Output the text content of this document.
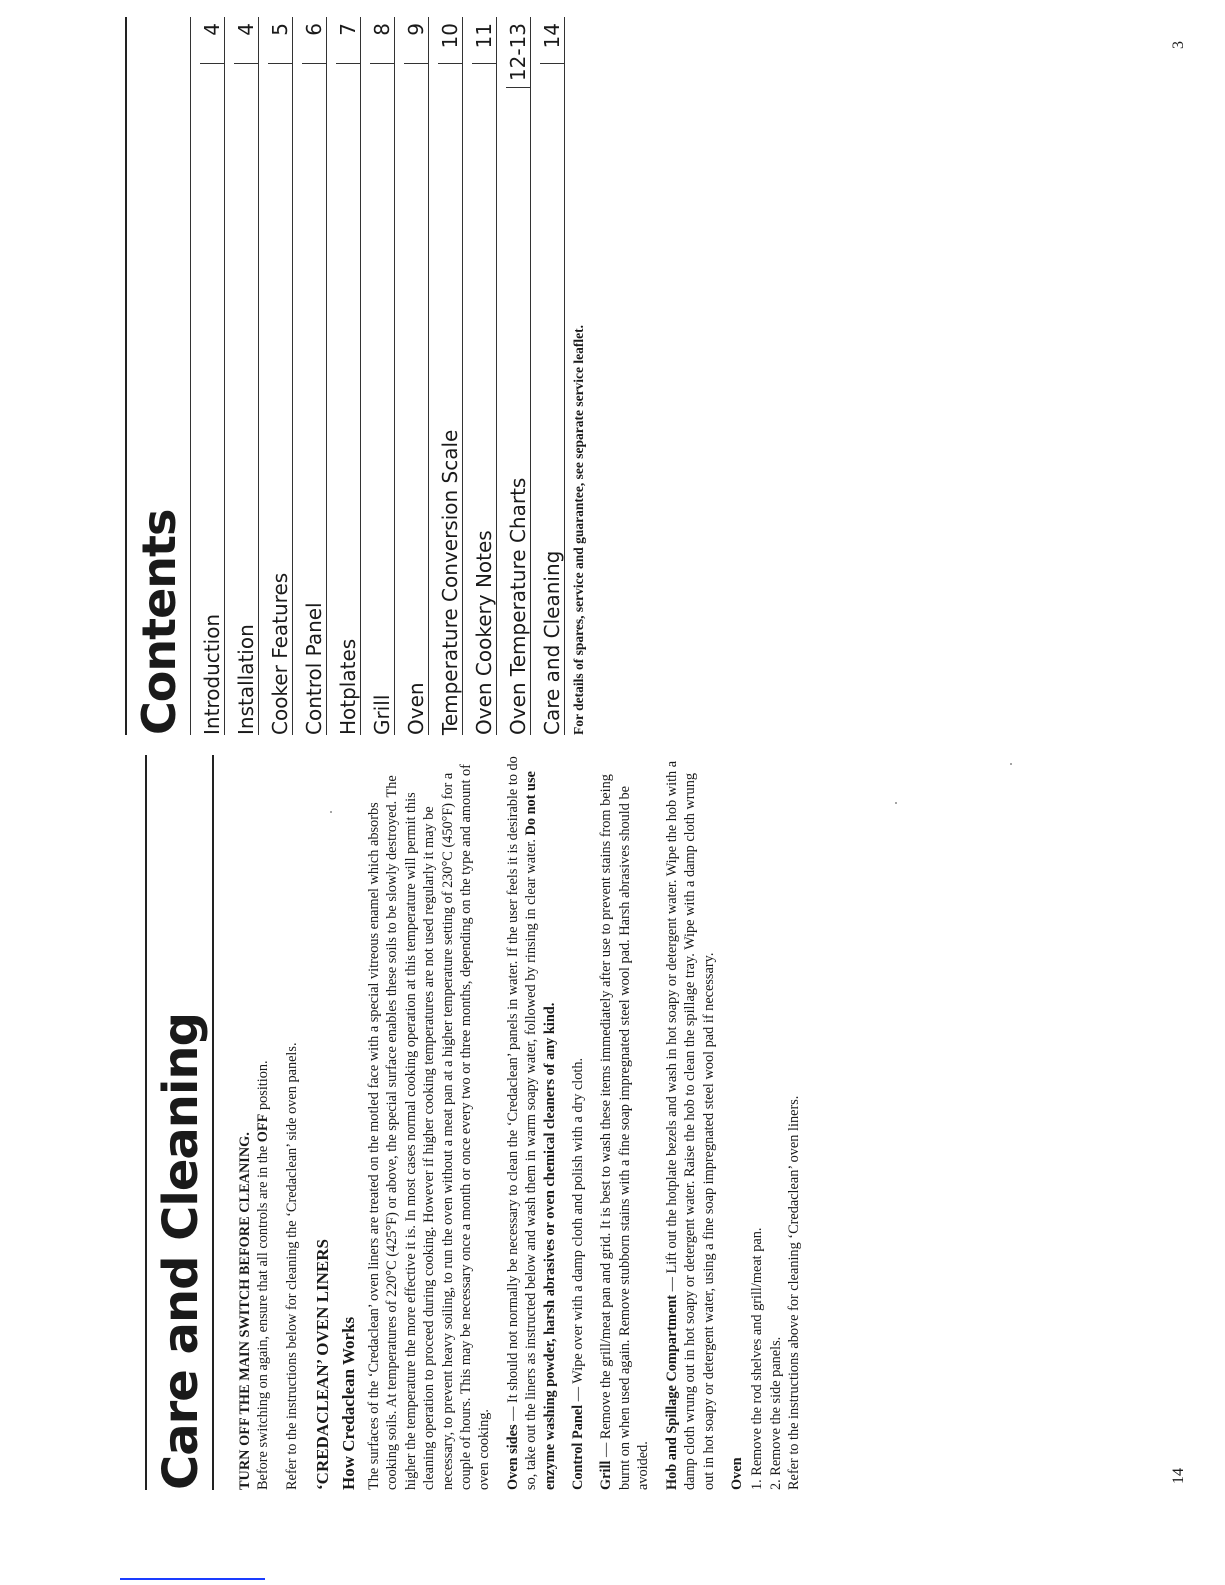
Care and Cleaning TURN OFF THE MAIN SWITCH BEFORE CLEANING. Before switching on again, ensure that all controls are in the OFF position. Refer to the instructions below for cleaning the ‘Credaclean’ side oven panels. ‘CREDACLEAN’ OVEN LINERS How Credaclean Works The surfaces of the ‘Credaclean’ oven liners are treated on the motled face with a special vitreous enamel which absorbs cooking soils. At temperatures of 220°C (425°F) or above, the special surface enables these soils to be slowly destroyed. The higher the temperature the more effective it is. In most cases normal cooking operation at this temperature will permit this cleaning operation to proceed during cooking. However if higher cooking temperatures are not used regularly it may be necessary, to prevent heavy soiling, to run the oven without a meat pan at a higher temperature setting of 230°C (450°F) for a couple of hours. This may be necessary once a month or once every two or three months, depending on the type and amount of oven cooking. Oven sides — It should not normally be necessary to clean the ‘Credaclean’ panels in water. If the user feels it is desirable to do so, take out the liners as instructed below and wash them in warm soapy water, followed by rinsing in clear water. Do not use enzyme washing powder, harsh abrasives or oven chemical cleaners of any kind. Control Panel — Wipe over with a damp cloth and polish with a dry cloth.

Grill — Remove the grill/meat pan and grid. It is best to wash these items immediately after use to prevent stains from being burnt on when used again. Remove stubborn stains with a fine soap impregnated steel wool pad. Harsh abrasives should be avoided. Hob and Spillage Compartment — Lift out the hotplate bezels and wash in hot soapy or detergent water. Wipe the hob with a damp cloth wrung out in hot soapy or detergent water. Raise the hob to clean the spillage tray. Wipe with a damp cloth wrung out in hot soapy or detergent water, using a fine soap impregnated steel wool pad if necessary. Oven 1. Remove the rod shelves and grill/meat pan. 2. Remove the side panels. Refer to the instructions above for cleaning ‘Credaclean’ oven liners.
Contents Introduction
4
Installation
4
Cooker Features
5
Control Panel
6
Hotplates
7
Grill
8
Oven
9
Temperature Conversion Scale
10
Oven Cookery Notes
11
Oven Temperature Charts
12-13
Care and Cleaning
14
For details of spares, service and guarantee, see separate service leaflet.
14
3
